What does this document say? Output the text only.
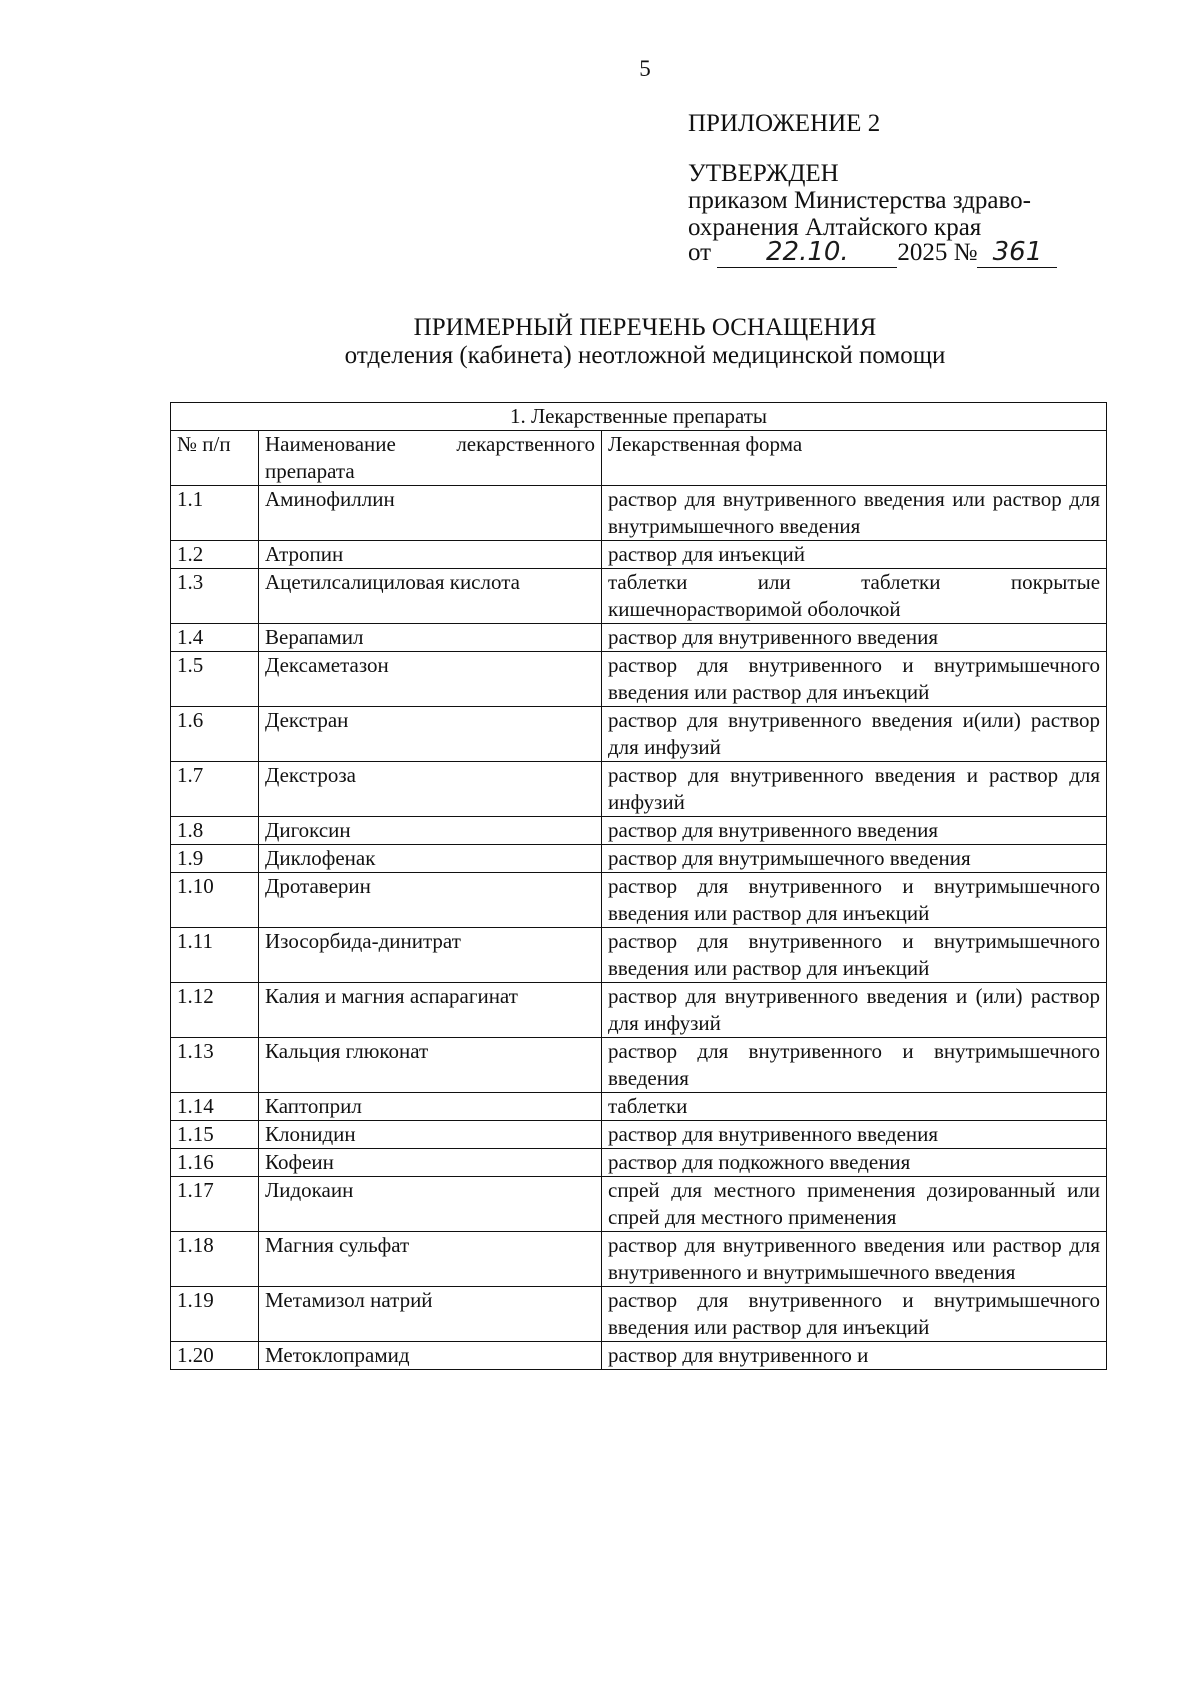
5
ПРИЛОЖЕНИЕ 2
УТВЕРЖДЕН
приказом Министерства здраво-
охранения Алтайского края
от 22.10. 2025 № 361
ПРИМЕРНЫЙ ПЕРЕЧЕНЬ ОСНАЩЕНИЯ
отделения (кабинета) неотложной медицинской помощи
1. Лекарственные препараты		
№ п/п	Наименование лекарственного препарата	Лекарственная форма
1.1	Аминофиллин	раствор для внутривенного введения или раствор для внутримышечного введения
1.2	Атропин	раствор для инъекций
1.3	Ацетилсалициловая кислота	таблетки или таблетки покрытые кишечнорастворимой оболочкой
1.4	Верапамил	раствор для внутривенного введения
1.5	Дексаметазон	раствор для внутривенного и внутримышечного введения или раствор для инъекций
1.6	Декстран	раствор для внутривенного введения и(или) раствор для инфузий
1.7	Декстроза	раствор для внутривенного введения и раствор для инфузий
1.8	Дигоксин	раствор для внутривенного введения
1.9	Диклофенак	раствор для внутримышечного введения
1.10	Дротаверин	раствор для внутривенного и внутримышечного введения или раствор для инъекций
1.11	Изосорбида-динитрат	раствор для внутривенного и внутримышечного введения или раствор для инъекций
1.12	Калия и магния аспарагинат	раствор для внутривенного введения и (или) раствор для инфузий
1.13	Кальция глюконат	раствор для внутривенного и внутримышечного введения
1.14	Каптоприл	таблетки
1.15	Клонидин	раствор для внутривенного введения
1.16	Кофеин	раствор для подкожного введения
1.17	Лидокаин	спрей для местного применения дозированный или спрей для местного применения
1.18	Магния сульфат	раствор для внутривенного введения или раствор для внутривенного и внутримышечного введения
1.19	Метамизол натрий	раствор для внутривенного и внутримышечного введения или раствор для инъекций
1.20	Метоклопрамид	раствор для внутривенного и
